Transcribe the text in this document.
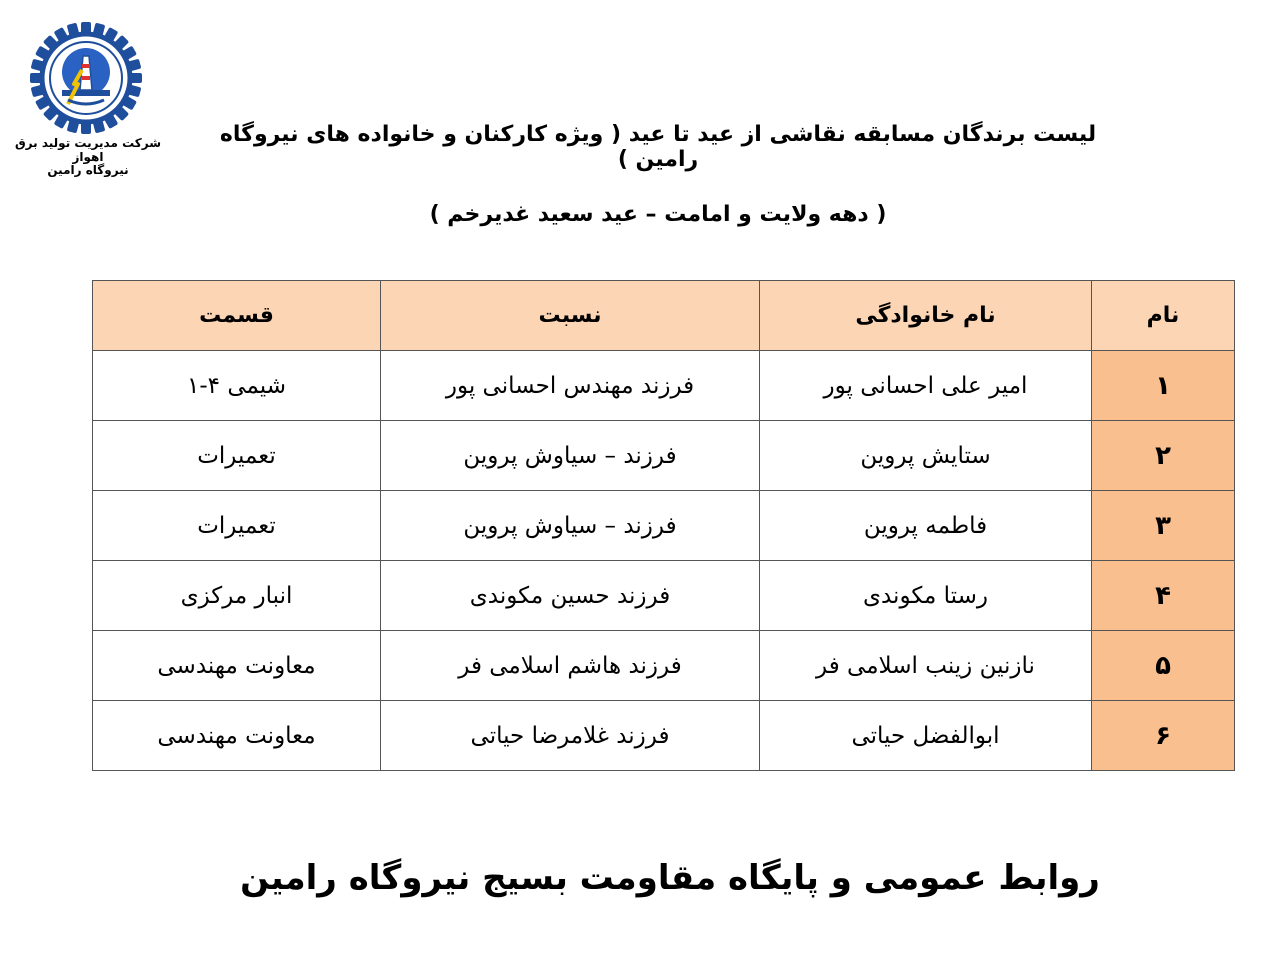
شرکت مدیریت تولید برق اهواز
نیروگاه رامین
لیست برندگان مسابقه نقاشی از عید تا عید ( ویژه کارکنان و خانواده های نیروگاه رامین )
( دهه ولایت و امامت – عید سعید غدیرخم )
نام	نام خانوادگی	نسبت	قسمت
۱	امیر علی احسانی پور	فرزند مهندس احسانی پور	شیمی ۴-۱
۲	ستایش پروین	فرزند – سیاوش پروین	تعمیرات
۳	فاطمه پروین	فرزند – سیاوش پروین	تعمیرات
۴	رستا مکوندی	فرزند حسین مکوندی	انبار مرکزی
۵	نازنین زینب اسلامی فر	فرزند هاشم اسلامی فر	معاونت مهندسی
۶	ابوالفضل حیاتی	فرزند غلامرضا حیاتی	معاونت مهندسی
روابط عمومی و پایگاه مقاومت بسیج نیروگاه رامین
